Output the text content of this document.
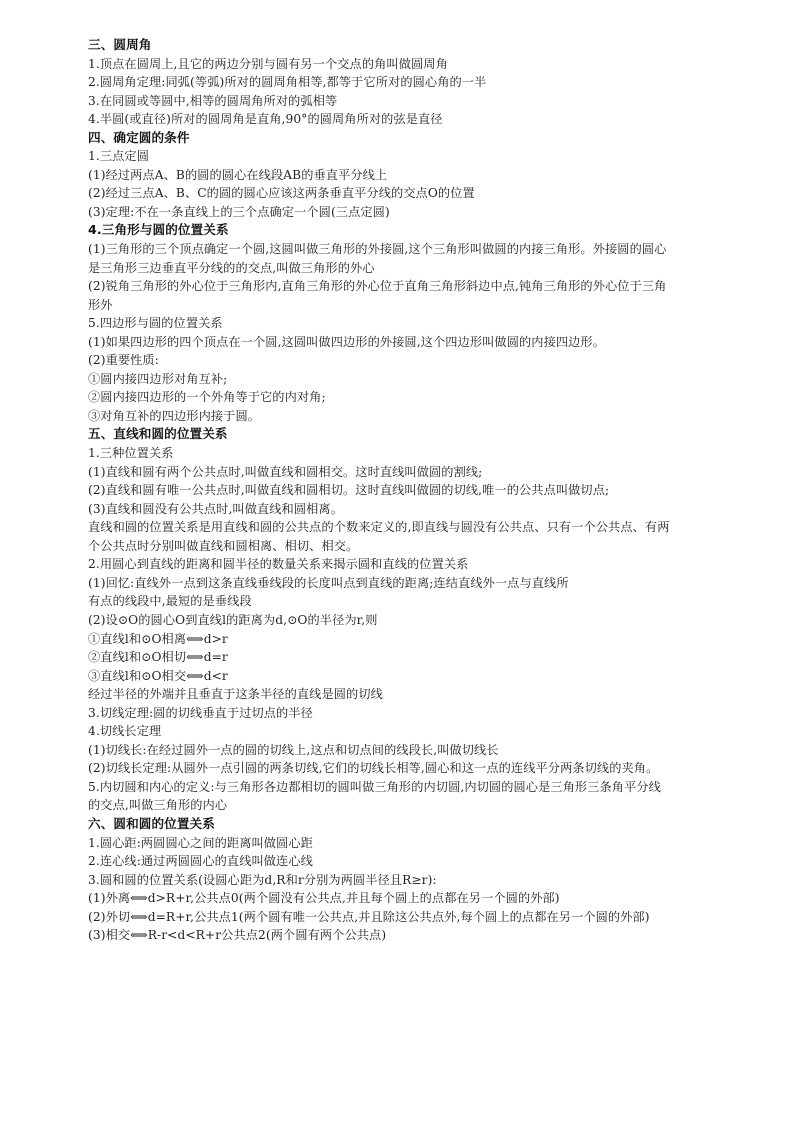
三、圆周角
1.顶点在圆周上,且它的两边分别与圆有另一个交点的角叫做圆周角
2.圆周角定理:同弧(等弧)所对的圆周角相等,都等于它所对的圆心角的一半
3.在同圆或等圆中,相等的圆周角所对的弧相等
4.半圆(或直径)所对的圆周角是直角,90°的圆周角所对的弦是直径
四、确定圆的条件
1.三点定圆
(1)经过两点A、B的圆的圆心在线段AB的垂直平分线上
(2)经过三点A、B、C的圆的圆心应该这两条垂直平分线的交点O的位置
(3)定理:不在一条直线上的三个点确定一个圆(三点定圆)
4.三角形与圆的位置关系
(1)三角形的三个顶点确定一个圆,这圆叫做三角形的外接圆,这个三角形叫做圆的内接三角形。外接圆的圆心
是三角形三边垂直平分线的的交点,叫做三角形的外心
(2)锐角三角形的外心位于三角形内,直角三角形的外心位于直角三角形斜边中点,钝角三角形的外心位于三角
形外
5.四边形与圆的位置关系
(1)如果四边形的四个顶点在一个圆,这圆叫做四边形的外接圆,这个四边形叫做圆的内接四边形。
(2)重要性质:
①圆内接四边形对角互补;
②圆内接四边形的一个外角等于它的内对角;
③对角互补的四边形内接于圆。
五、直线和圆的位置关系
1.三种位置关系
(1)直线和圆有两个公共点时,叫做直线和圆相交。这时直线叫做圆的割线;
(2)直线和圆有唯一公共点时,叫做直线和圆相切。这时直线叫做圆的切线,唯一的公共点叫做切点;
(3)直线和圆没有公共点时,叫做直线和圆相离。
直线和圆的位置关系是用直线和圆的公共点的个数来定义的,即直线与圆没有公共点、只有一个公共点、有两
个公共点时分别叫做直线和圆相离、相切、相交。
2.用圆心到直线的距离和圆半径的数量关系来揭示圆和直线的位置关系
(1)回忆:直线外一点到这条直线垂线段的长度叫点到直线的距离;连结直线外一点与直线所
有点的线段中,最短的是垂线段
(2)设⊙O的圆心O到直线l的距离为d,⊙O的半径为r,则
①直线l和⊙O相离⟺d>r
②直线l和⊙O相切⟺d=r
③直线l和⊙O相交⟺d<r
经过半径的外端并且垂直于这条半径的直线是圆的切线
3.切线定理:圆的切线垂直于过切点的半径
4.切线长定理
(1)切线长:在经过圆外一点的圆的切线上,这点和切点间的线段长,叫做切线长
(2)切线长定理:从圆外一点引圆的两条切线,它们的切线长相等,圆心和这一点的连线平分两条切线的夹角。
5.内切圆和内心的定义:与三角形各边都相切的圆叫做三角形的内切圆,内切圆的圆心是三角形三条角平分线
的交点,叫做三角形的内心
六、圆和圆的位置关系
1.圆心距:两圆圆心之间的距离叫做圆心距
2.连心线:通过两圆圆心的直线叫做连心线
3.圆和圆的位置关系(设圆心距为d,R和r分别为两圆半径且R≥r):
(1)外离⟺d>R+r,公共点0(两个圆没有公共点,并且每个圆上的点都在另一个圆的外部)
(2)外切⟺d=R+r,公共点1(两个圆有唯一公共点,并且除这公共点外,每个圆上的点都在另一个圆的外部)
(3)相交⟺R-r<d<R+r公共点2(两个圆有两个公共点)
